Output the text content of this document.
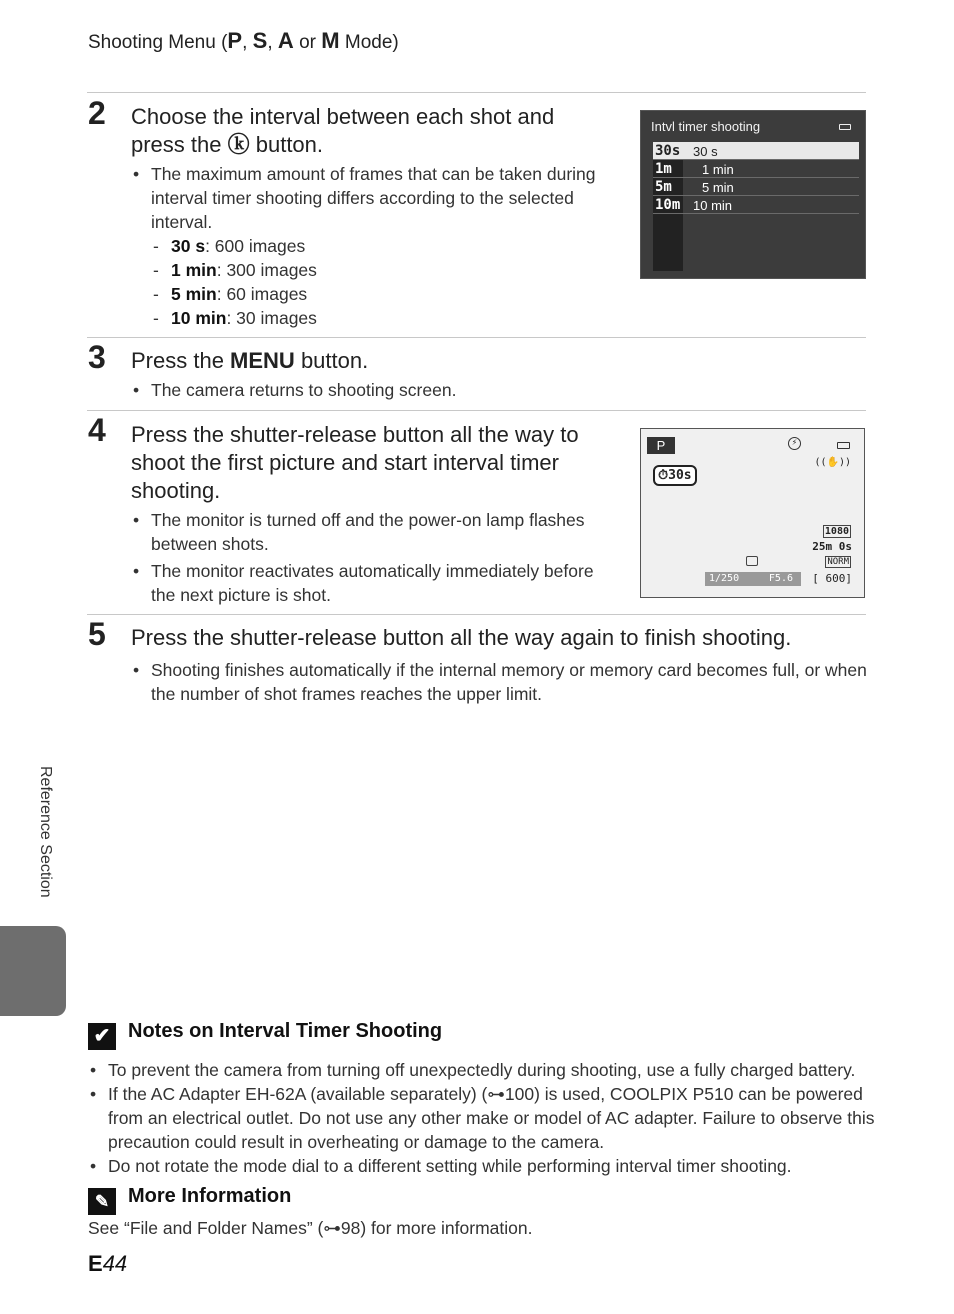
Shooting Menu (P, S, A or M Mode)
2 Choose the interval between each shot and press the ⓚ button.
• The maximum amount of frames that can be taken during interval timer shooting differs according to the selected interval.
- 30 s: 600 images
- 1 min: 300 images
- 5 min: 60 images
- 10 min: 30 images
Intvl timer shooting
30s 30 s
1m	1 min
5m	5 min
10m 10 min
3 Press the MENU button.
• The camera returns to shooting screen.
4 Press the shutter-release button all the way to shoot the first picture and start interval timer shooting.
• The monitor is turned off and the power-on lamp flashes between shots.
• The monitor reactivates automatically immediately before the next picture is shot.
P	⚡
((✋))
⏱30s
1080
25m 0s
NORM
1/250	F5.6 [ 600]
5 Press the shutter-release button all the way again to finish shooting.
• Shooting finishes automatically if the internal memory or memory card becomes full, or when the number of shot frames reaches the upper limit.
Reference Section
✔ Notes on Interval Timer Shooting
• To prevent the camera from turning off unexpectedly during shooting, use a fully charged battery.
• If the AC Adapter EH-62A (available separately) (⊶100) is used, COOLPIX P510 can be powered from an electrical outlet. Do not use any other make or model of AC adapter. Failure to observe this precaution could result in overheating or damage to the camera.
• Do not rotate the mode dial to a different setting while performing interval timer shooting.
✎ More Information
See “File and Folder Names” (⊶98) for more information.
E44
